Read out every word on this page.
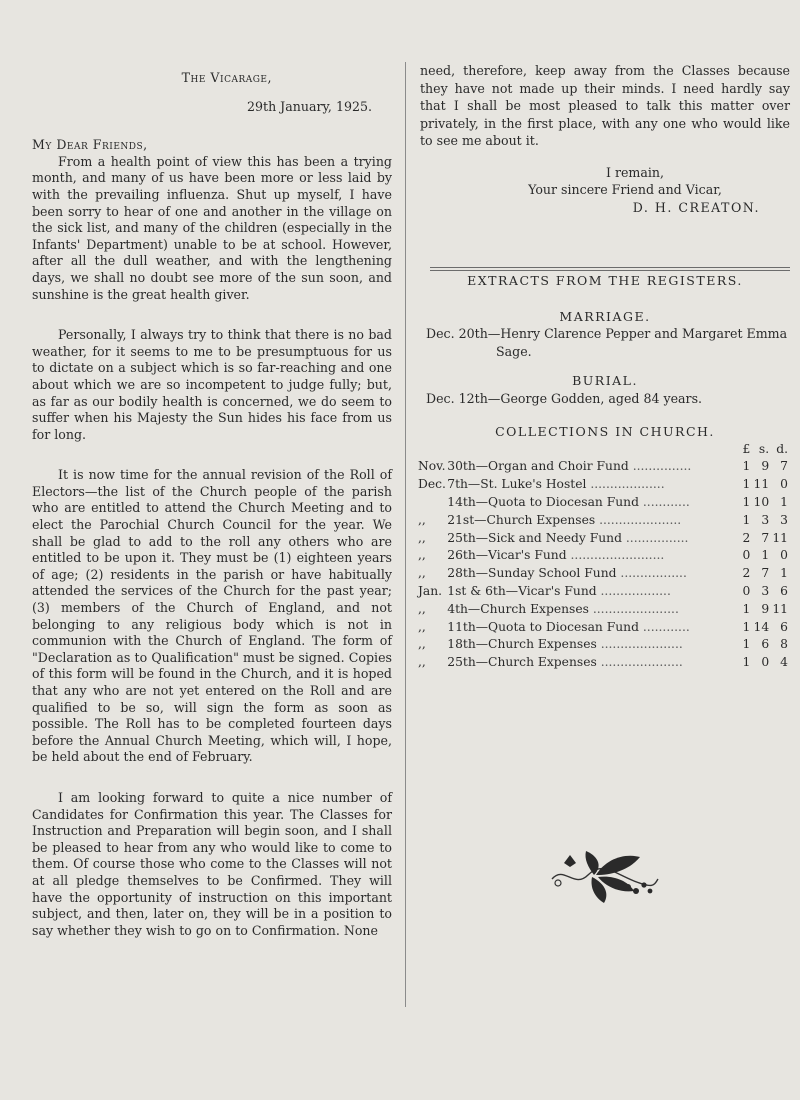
The Vicarage,

29th January, 1925.

My Dear Friends,

From a health point of view this has been a trying month, and many of us have been more or less laid by with the prevailing influenza. Shut up myself, I have been sorry to hear of one and another in the village on the sick list, and many of the children (especially in the Infants' Department) unable to be at school. However, after all the dull weather, and with the lengthening days, we shall no doubt see more of the sun soon, and sunshine is the great health giver.

Personally, I always try to think that there is no bad weather, for it seems to me to be presumptuous for us to dictate on a subject which is so far-reaching and one about which we are so incompetent to judge fully; but, as far as our bodily health is concerned, we do seem to suffer when his Majesty the Sun hides his face from us for long.

It is now time for the annual revision of the Roll of Electors—the list of the Church people of the parish who are entitled to attend the Church Meeting and to elect the Parochial Church Council for the year. We shall be glad to add to the roll any others who are entitled to be upon it. They must be (1) eighteen years of age; (2) residents in the parish or have habitually attended the services of the Church for the past year; (3) members of the Church of England, and not belonging to any religious body which is not in communion with the Church of England. The form of "Declaration as to Qualification" must be signed. Copies of this form will be found in the Church, and it is hoped that any who are not yet entered on the Roll and are qualified to be so, will sign the form as soon as possible. The Roll has to be completed fourteen days before the Annual Church Meeting, which will, I hope, be held about the end of February.

I am looking forward to quite a nice number of Candidates for Confirmation this year. The Classes for Instruction and Preparation will begin soon, and I shall be pleased to hear from any who would like to come to them. Of course those who come to the Classes will not at all pledge themselves to be Confirmed. They will have the opportunity of instruction on this important subject, and then, later on, they will be in a position to say whether they wish to go on to Confirmation. None

need, therefore, keep away from the Classes because they have not made up their minds. I need hardly say that I shall be most pleased to talk this matter over privately, in the first place, with any one who would like to see me about it.

I remain,

Your sincere Friend and Vicar,

D. H. CREATON.

EXTRACTS FROM THE REGISTERS.

MARRIAGE.

Dec. 20th—Henry Clarence Pepper and Margaret Emma

Sage.

BURIAL.

Dec. 12th—George Godden, aged 84 years.

COLLECTIONS IN CHURCH.

		£	s.	d.
Nov.	30th—Organ and Choir Fund ...............	1	9	7
Dec.	7th—St. Luke's Hostel ...................	1	11	0
	14th—Quota to Diocesan Fund ............	1	10	1
,,	21st—Church Expenses .....................	1	3	3
,,	25th—Sick and Needy Fund ................	2	7	11
,,	26th—Vicar's Fund ........................	0	1	0
,,	28th—Sunday School Fund .................	2	7	1
Jan.	1st & 6th—Vicar's Fund ..................	0	3	6
,,	4th—Church Expenses ......................	1	9	11
,,	11th—Quota to Diocesan Fund ............	1	14	6
,,	18th—Church Expenses .....................	1	6	8
,,	25th—Church Expenses .....................	1	0	4
